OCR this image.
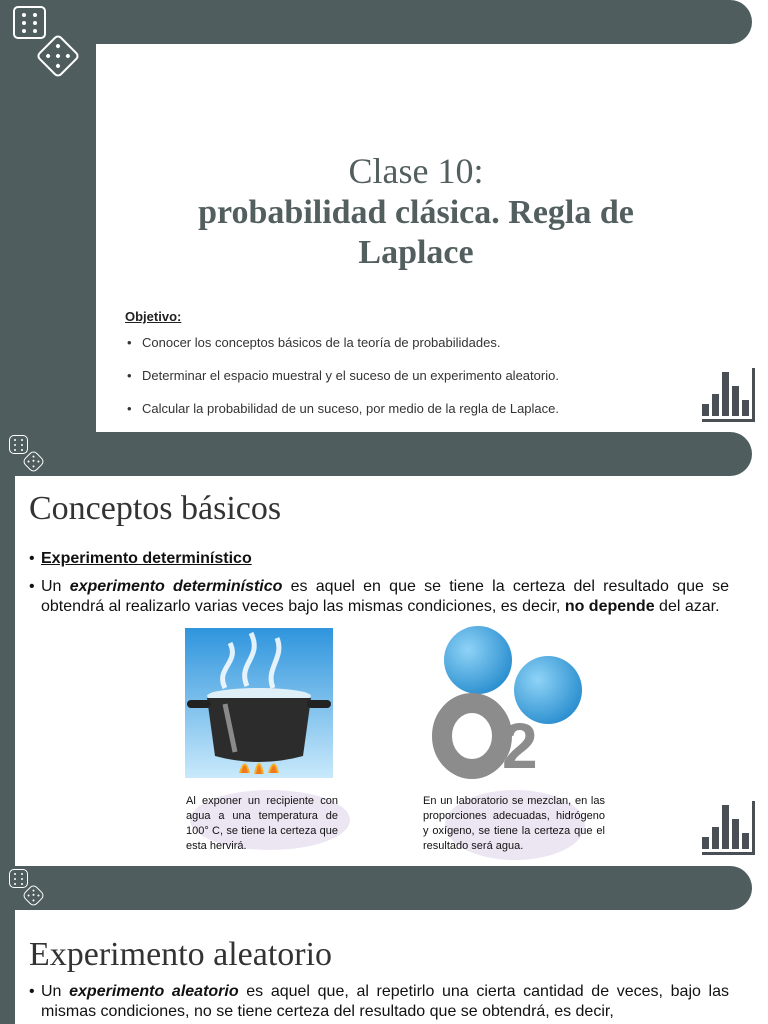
Clase 10:
probabilidad clásica. Regla de
Laplace
Objetivo:
• Conocer los conceptos básicos de la teoría de probabilidades.
• Determinar el espacio muestral y el suceso de un experimento aleatorio.
• Calcular la probabilidad de un suceso, por medio de la regla de Laplace.
Conceptos básicos
• Experimento determinístico
• Un experimento determinístico es aquel en que se tiene la certeza del resultado que se obtendrá al realizarlo varias veces bajo las mismas condiciones, es decir, no depende del azar.
Al exponer un recipiente con agua a una temperatura de 100° C, se tiene la certeza que esta hervirá.
2
En un laboratorio se mezclan, en las proporciones adecuadas, hidrógeno y oxígeno, se tiene la certeza que el resultado será agua.
Experimento aleatorio
• Un experimento aleatorio es aquel que, al repetirlo una cierta cantidad de veces, bajo las mismas condiciones, no se tiene certeza del resultado que se obtendrá, es decir,
